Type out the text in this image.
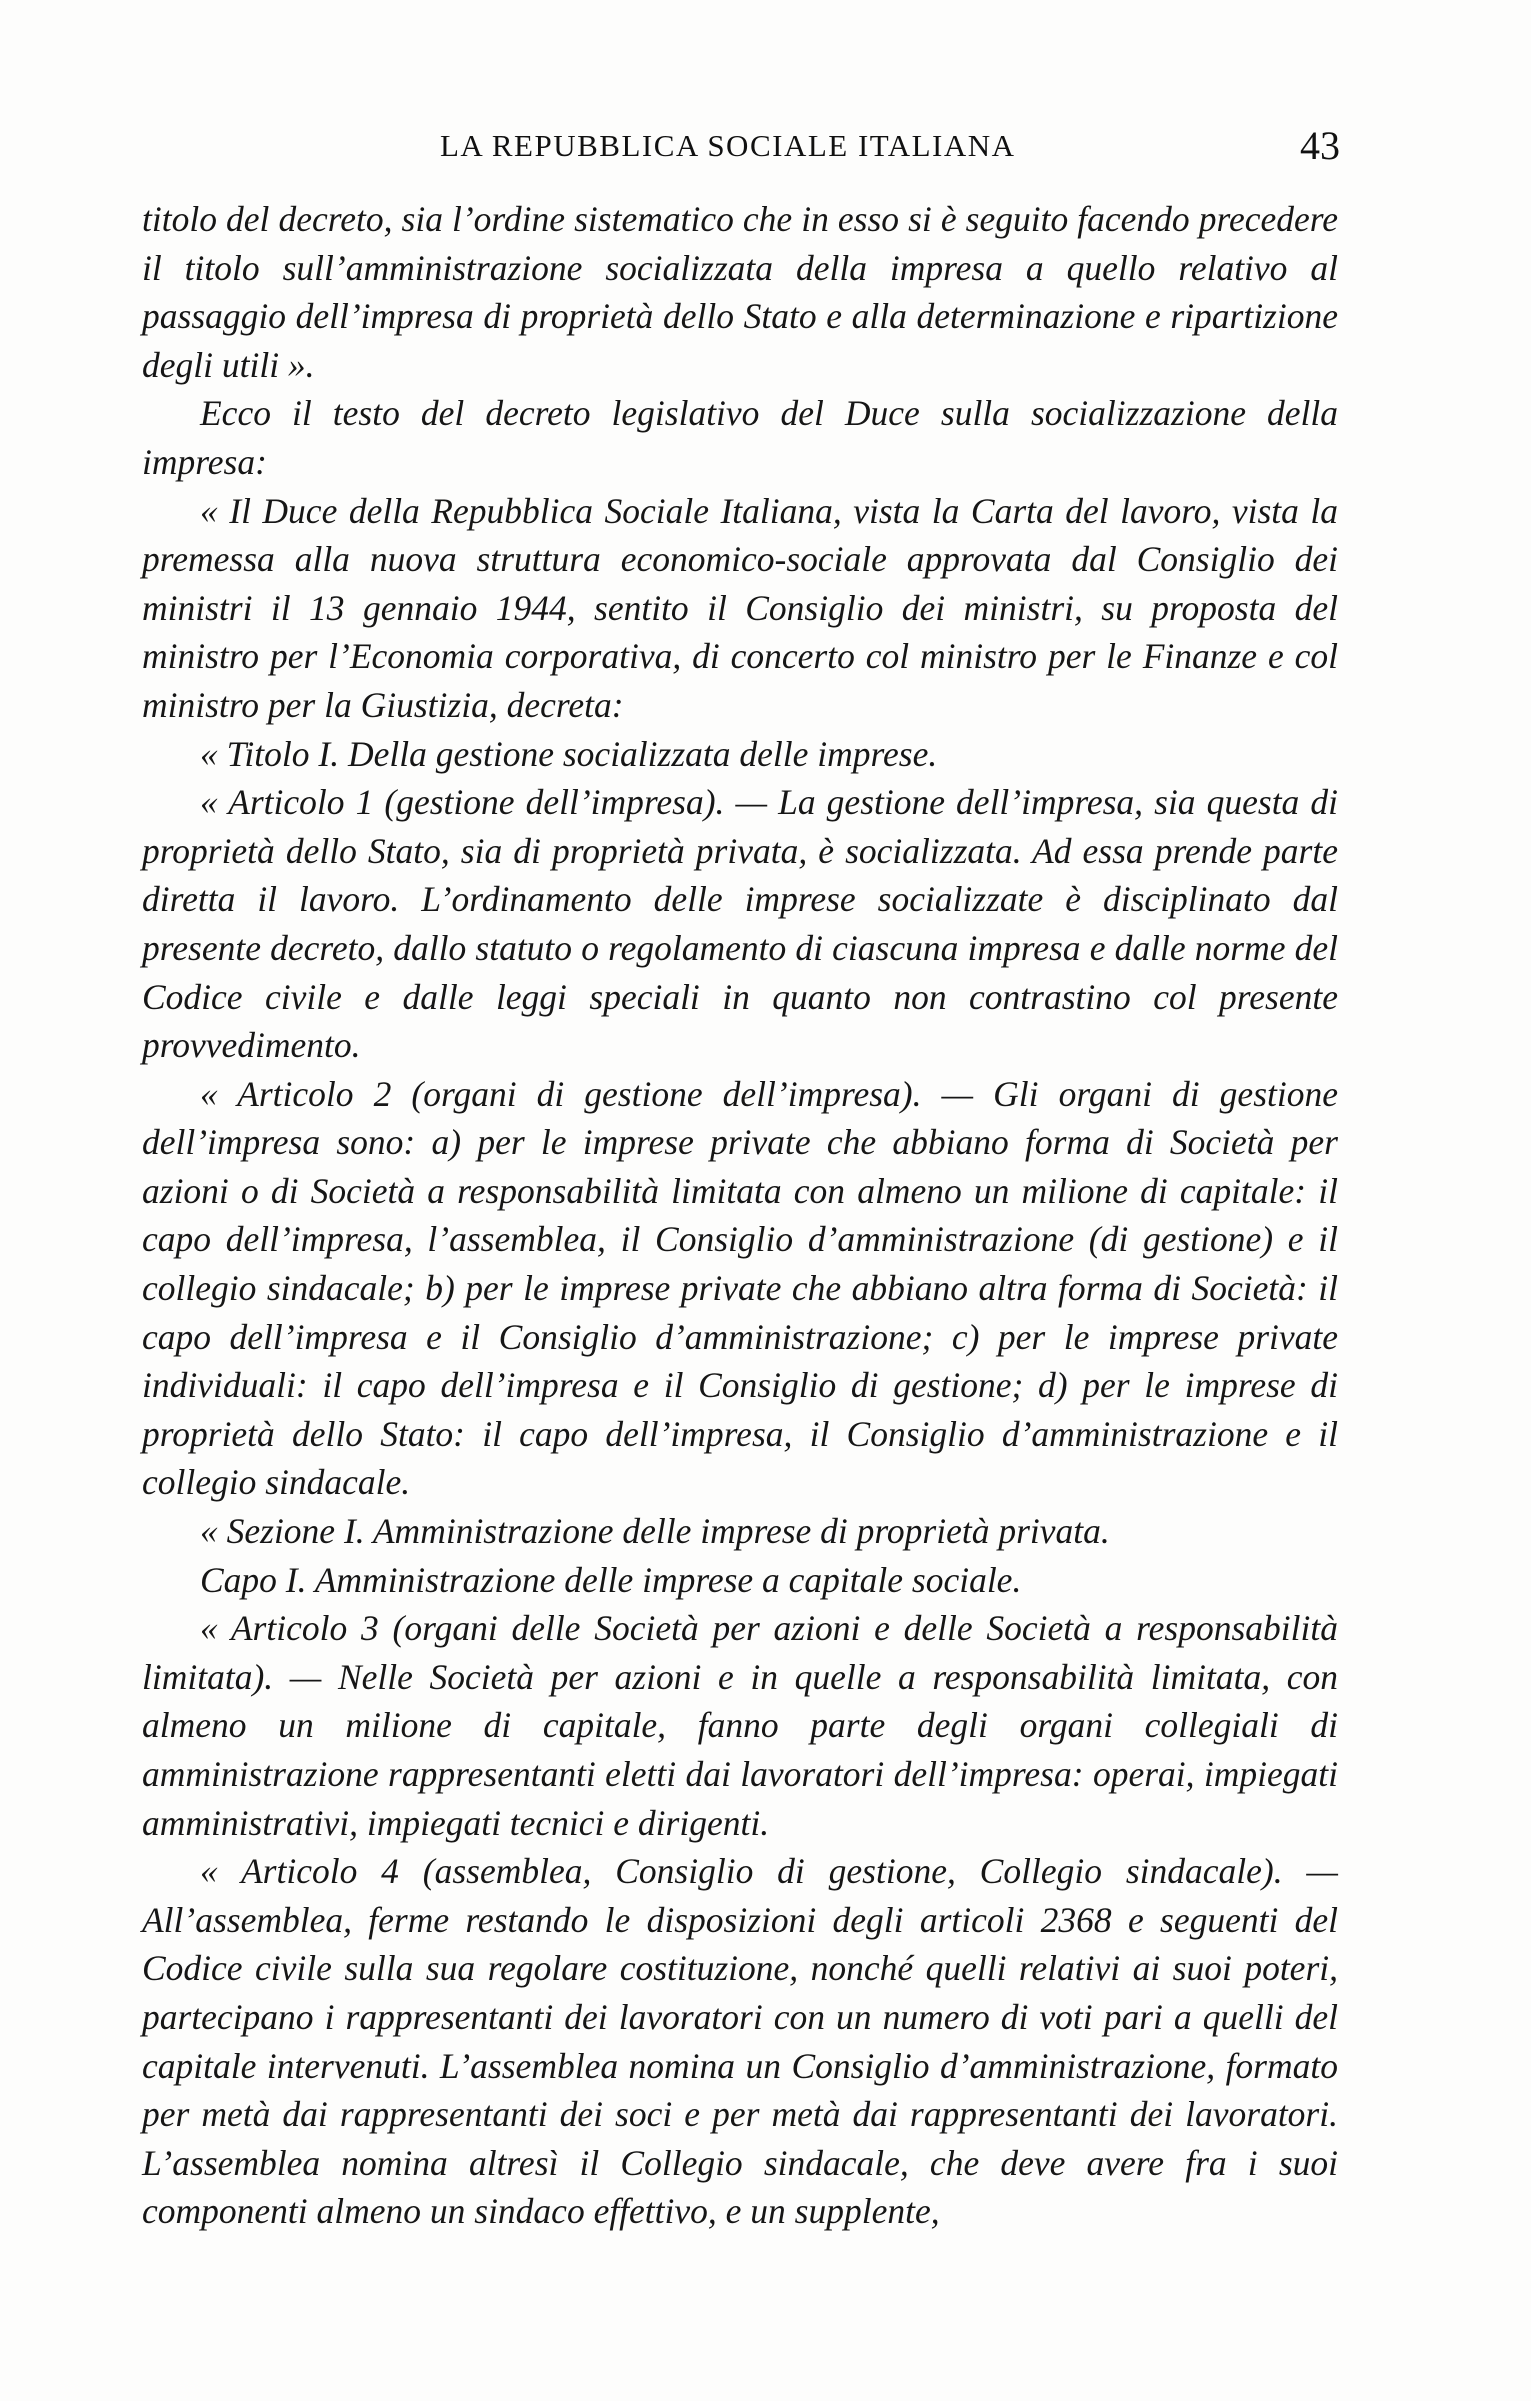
LA REPUBBLICA SOCIALE ITALIANA	43

titolo del decreto, sia l’ordine sistematico che in esso si è seguito facendo precedere il titolo sull’amministrazione socializzata della impresa a quello relativo al passaggio dell’impresa di proprietà dello Stato e alla determinazione e ripartizione degli utili ».

Ecco il testo del decreto legislativo del Duce sulla socializzazione della impresa:

« Il Duce della Repubblica Sociale Italiana, vista la Carta del lavoro, vista la premessa alla nuova struttura economico-sociale approvata dal Consiglio dei ministri il 13 gennaio 1944, sentito il Consiglio dei ministri, su proposta del ministro per l’Economia corporativa, di concerto col ministro per le Finanze e col ministro per la Giustizia, decreta:

« Titolo I. Della gestione socializzata delle imprese.

« Articolo 1 (gestione dell’impresa). — La gestione dell’impresa, sia questa di proprietà dello Stato, sia di proprietà privata, è socializzata. Ad essa prende parte diretta il lavoro. L’ordinamento delle imprese socializzate è disciplinato dal presente decreto, dallo statuto o regolamento di ciascuna impresa e dalle norme del Codice civile e dalle leggi speciali in quanto non contrastino col presente provvedimento.

« Articolo 2 (organi di gestione dell’impresa). — Gli organi di gestione dell’impresa sono: a) per le imprese private che abbiano forma di Società per azioni o di Società a responsabilità limitata con almeno un milione di capitale: il capo dell’impresa, l’assemblea, il Consiglio d’amministrazione (di gestione) e il collegio sindacale; b) per le imprese private che abbiano altra forma di Società: il capo dell’impresa e il Consiglio d’amministrazione; c) per le imprese private individuali: il capo dell’impresa e il Consiglio di gestione; d) per le imprese di proprietà dello Stato: il capo dell’impresa, il Consiglio d’amministrazione e il collegio sindacale.

« Sezione I. Amministrazione delle imprese di proprietà privata.

Capo I. Amministrazione delle imprese a capitale sociale.

« Articolo 3 (organi delle Società per azioni e delle Società a responsabilità limitata). — Nelle Società per azioni e in quelle a responsabilità limitata, con almeno un milione di capitale, fanno parte degli organi collegiali di amministrazione rappresentanti eletti dai lavoratori dell’impresa: operai, impiegati amministrativi, impiegati tecnici e dirigenti.

« Articolo 4 (assemblea, Consiglio di gestione, Collegio sindacale). — All’assemblea, ferme restando le disposizioni degli articoli 2368 e seguenti del Codice civile sulla sua regolare costituzione, nonché quelli relativi ai suoi poteri, partecipano i rappresentanti dei lavoratori con un numero di voti pari a quelli del capitale intervenuti. L’assemblea nomina un Consiglio d’amministrazione, formato per metà dai rappresentanti dei soci e per metà dai rappresentanti dei lavoratori. L’assemblea nomina altresì il Collegio sindacale, che deve avere fra i suoi componenti almeno un sindaco effettivo, e un supplente,
